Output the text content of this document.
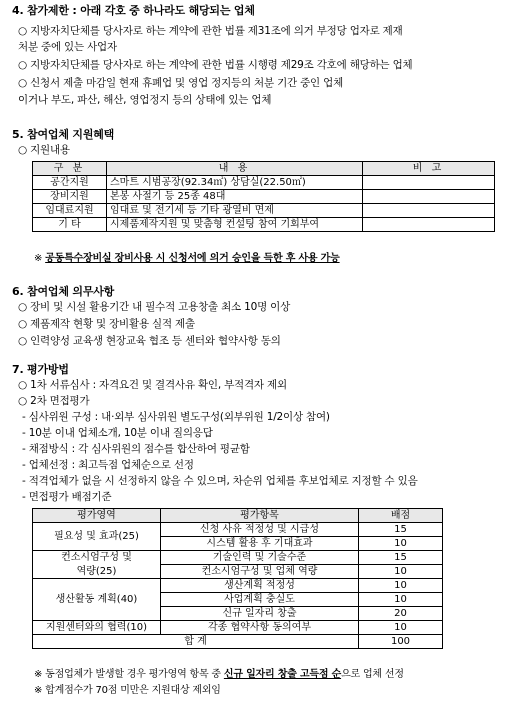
4. 참가제한 : 아래 각호 중 하나라도 해당되는 업체
○ 지방자치단체를 당사자로 하는 계약에 관한 법률 제31조에 의거 부정당 업자로 제재
처분 중에 있는 사업자
○ 지방자치단체를 당사자로 하는 계약에 관한 법률 시행령 제29조 각호에 해당하는 업체
○ 신청서 제출 마감일 현재 휴폐업 및 영업 정지등의 처분 기간 중인 업체
이거나 부도, 파산, 해산, 영업정지 등의 상태에 있는 업체
5. 참여업체 지원혜택
○ 지원내용
구 분	내 용	비 고
공간지원	스마트 시범공장(92.34㎡) 상담실(22.50㎡)	
장비지원	본봉 사절기 등 25종 48대	
임대료지원	임대료 및 전기세 등 기타 광열비 면제	
기 타	시제품제작지원 및 맞춤형 컨설팅 참여 기회부여	
※ 공동특수장비실 장비사용 시 신청서에 의거 승인을 득한 후 사용 가능
6. 참여업체 의무사항
○ 장비 및 시설 활용기간 내 필수적 고용창출 최소 10명 이상
○ 제품제작 현황 및 장비활용 실적 제출
○ 인력양성 교육생 현장교육 협조 등 센터와 협약사항 동의
7. 평가방법
○ 1차 서류심사 : 자격요건 및 결격사유 확인, 부적격자 제외
○ 2차 면접평가
- 심사위원 구성 : 내·외부 심사위원 별도구성(외부위원 1/2이상 참여)
- 10분 이내 업체소개, 10분 이내 질의응답
- 채점방식 : 각 심사위원의 점수를 합산하여 평균함
- 업체선정 : 최고득점 업체순으로 선정
- 적격업체가 없을 시 선정하지 않을 수 있으며, 차순위 업체를 후보업체로 지정할 수 있음
- 면접평가 배점기준
평가영역	평가항목	배점
필요성 및 효과(25)	신청 사유 적정성 및 시급성	15
	시스템 활용 후 기대효과	10
컨소시엄구성 및	기술인력 및 기술수준	15
역량(25)	컨소시엄구성 및 업체 역량	10
생산활동 계획(40)	생산계획 적정성	10
	사업계획 충실도	10
	신규 일자리 창출	20
지원센터와의 협력(10)	각종 협약사항 동의여부	10
합 계		100
※ 동점업체가 발생할 경우 평가영역 항목 중 신규 일자리 창출 고득점 순으로 업체 선정
※ 합계점수가 70점 미만은 지원대상 제외임
